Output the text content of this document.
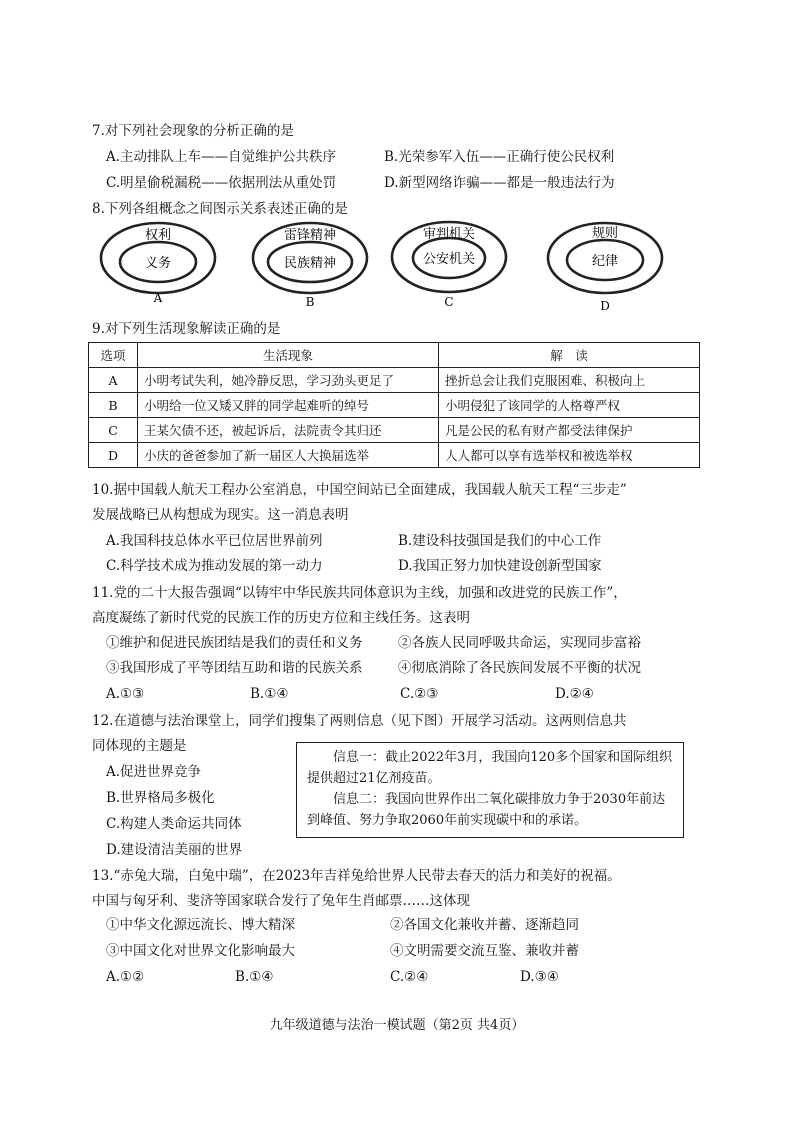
7.对下列社会现象的分析正确的是
A.主动排队上车——自觉维护公共秩序	B.光荣参军入伍——正确行使公民权利
C.明星偷税漏税——依据刑法从重处罚	D.新型网络诈骗——都是一般违法行为
8.下列各组概念之间图示关系表述正确的是
权利
义务
A
雷锋精神
民族精神
B
审判机关
公安机关
C
规则
纪律
D
9.对下列生活现象解读正确的是
选项	生活现象	解　读
A	小明考试失利，她冷静反思，学习劲头更足了	挫折总会让我们克服困难、积极向上
B	小明给一位又矮又胖的同学起难听的绰号	小明侵犯了该同学的人格尊严权
C	王某欠债不还，被起诉后，法院责令其归还	凡是公民的私有财产都受法律保护
D	小庆的爸爸参加了新一届区人大换届选举	人人都可以享有选举权和被选举权
10.据中国载人航天工程办公室消息，中国空间站已全面建成，我国载人航天工程“三步走”
发展战略已从构想成为现实。这一消息表明
A.我国科技总体水平已位居世界前列	B.建设科技强国是我们的中心工作
C.科学技术成为推动发展的第一动力	D.我国正努力加快建设创新型国家
11.党的二十大报告强调“以铸牢中华民族共同体意识为主线，加强和改进党的民族工作”，
高度凝练了新时代党的民族工作的历史方位和主线任务。这表明
①维护和促进民族团结是我们的责任和义务	②各族人民同呼吸共命运，实现同步富裕
③我国形成了平等团结互助和谐的民族关系	④彻底消除了各民族间发展不平衡的状况
A.①③	B.①④	C.②③	D.②④
12.在道德与法治课堂上，同学们搜集了两则信息（见下图）开展学习活动。这两则信息共
同体现的主题是
A.促进世界竞争
B.世界格局多极化
C.构建人类命运共同体
D.建设清洁美丽的世界

信息一：截止2022年3月，我国向120多个国家和国际组织提供超过21亿剂疫苗。

信息二：我国向世界作出二氧化碳排放力争于2030年前达到峰值、努力争取2060年前实现碳中和的承诺。

13.“赤兔大瑞，白兔中瑞”，在2023年吉祥兔给世界人民带去春天的活力和美好的祝福。
中国与匈牙利、斐济等国家联合发行了兔年生肖邮票……这体现
①中华文化源远流长、博大精深	②各国文化兼收并蓄、逐渐趋同
③中国文化对世界文化影响最大	④文明需要交流互鉴、兼收并蓄
A.①②	B.①④	C.②④	D.③④
九年级道德与法治一模试题（第2页 共4页）
